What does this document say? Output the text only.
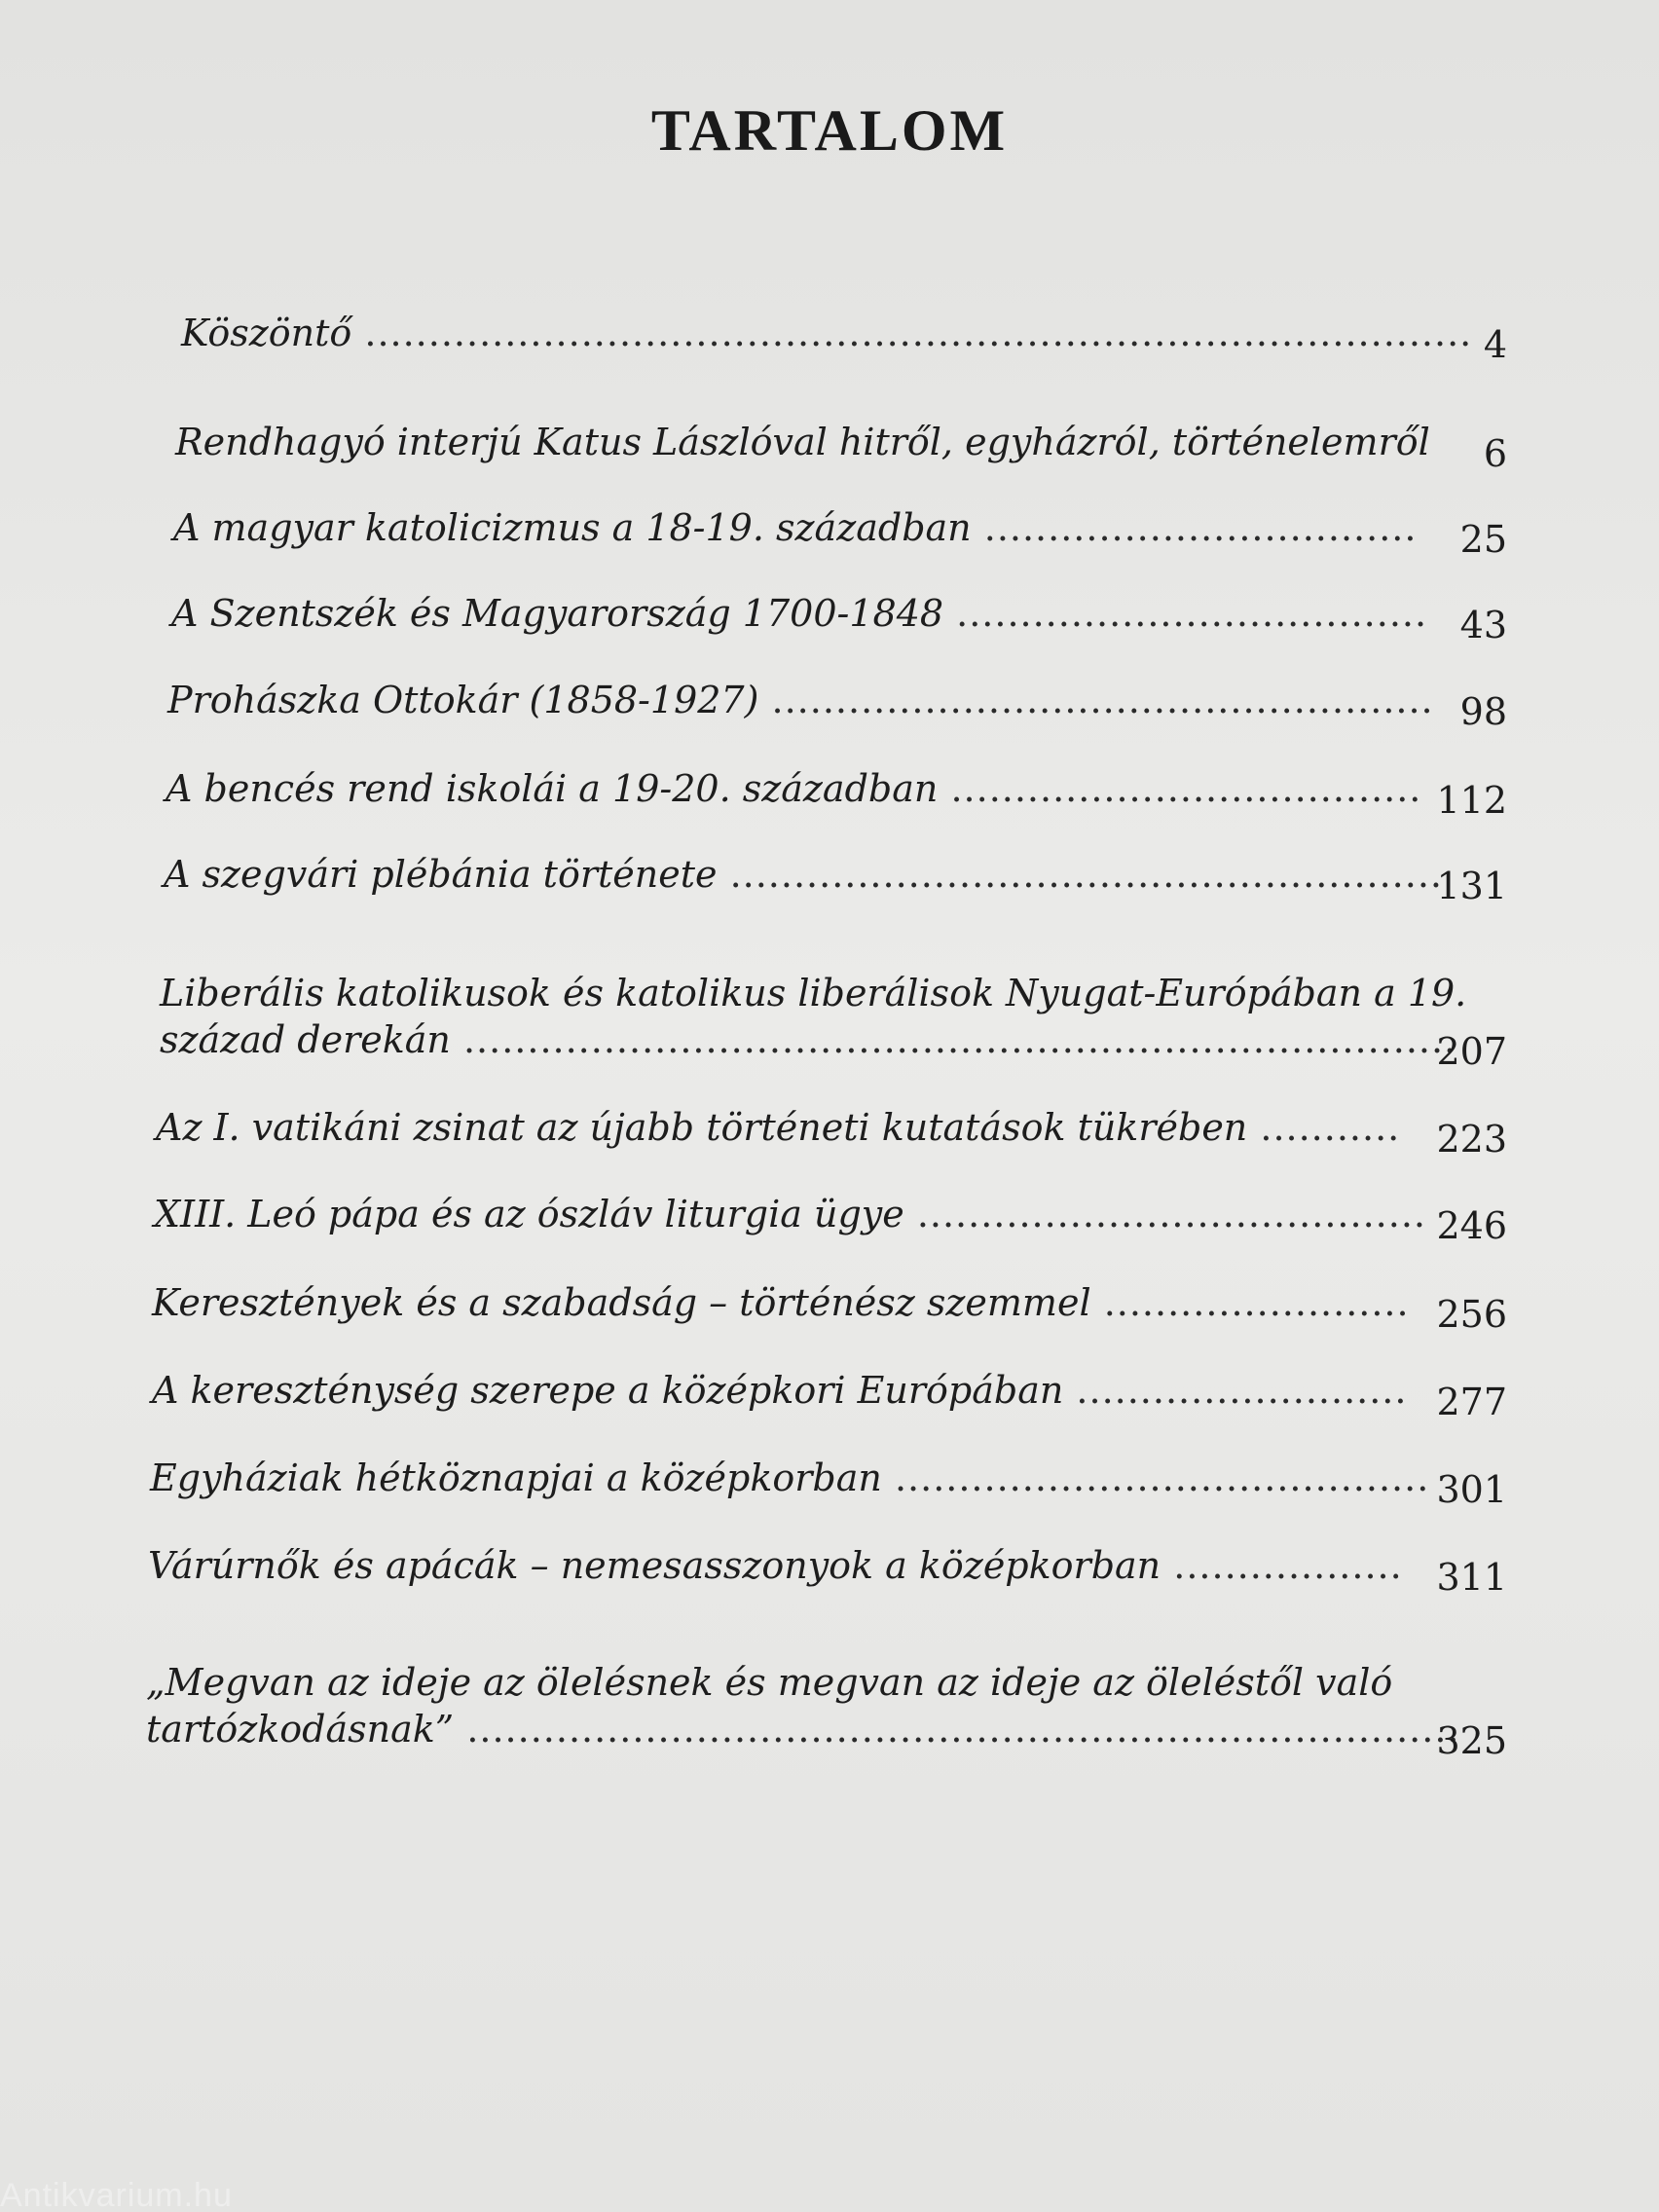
TARTALOM
Köszöntő ....................................................................................... 4
Rendhagyó interjú Katus Lászlóval hitről, egyházról, történelemről	6
A magyar katolicizmus a 18-19. században ..................................	25
A Szentszék és Magyarország 1700-1848 ..................................... 43
Prohászka Ottokár (1858-1927) .................................................... 98
A bencés rend iskolái a 19-20. században ..................................... 112
A szegvári plébánia története ........................................................
131
Liberális katolikusok és katolikus liberálisok Nyugat-Európában a 19.
század derekán ..............................................................................
207
Az I. vatikáni zsinat az újabb történeti kutatások tükrében ........... 223
XIII. Leó pápa és az ószláv liturgia ügye ........................................ 246
Keresztények és a szabadság – történész szemmel ........................ 256
A kereszténység szerepe a középkori Európában .......................... 277
Egyháziak hétköznapjai a középkorban .......................................... 301
Várúrnők és apácák – nemesasszonyok a középkorban .................. 311
„Megvan az ideje az ölelésnek és megvan az ideje az öleléstől való
tartózkodásnak” ..............................................................................
325
Antikvarium.hu
